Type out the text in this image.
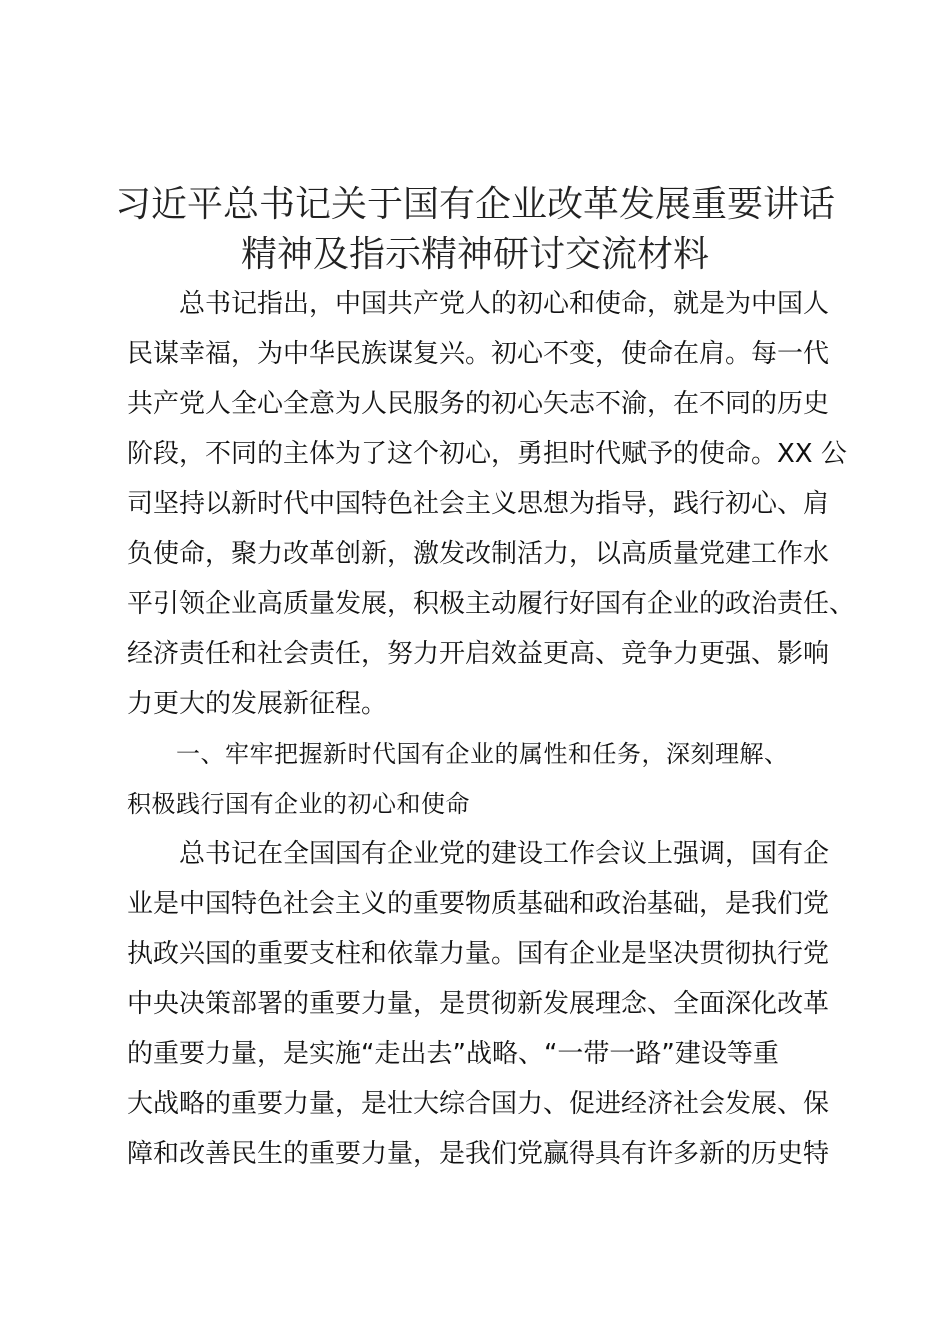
习近平总书记关于国有企业改革发展重要讲话
精神及指示精神研讨交流材料

　　总书记指出，中国共产党人的初心和使命，就是为中国人

民谋幸福，为中华民族谋复兴。初心不变，使命在肩。每一代

共产党人全心全意为人民服务的初心矢志不渝，在不同的历史

阶段，不同的主体为了这个初心，勇担时代赋予的使命。XX 公

司坚持以新时代中国特色社会主义思想为指导，践行初心、肩

负使命，聚力改革创新，激发改制活力，以高质量党建工作水

平引领企业高质量发展，积极主动履行好国有企业的政治责任、

经济责任和社会责任，努力开启效益更高、竞争力更强、影响

力更大的发展新征程。

　　一、牢牢把握新时代国有企业的属性和任务，深刻理解、

积极践行国有企业的初心和使命

　　总书记在全国国有企业党的建设工作会议上强调，国有企

业是中国特色社会主义的重要物质基础和政治基础，是我们党

执政兴国的重要支柱和依靠力量。国有企业是坚决贯彻执行党

中央决策部署的重要力量，是贯彻新发展理念、全面深化改革

的重要力量，是实施“走出去”战略、“一带一路”建设等重

大战略的重要力量，是壮大综合国力、促进经济社会发展、保

障和改善民生的重要力量，是我们党赢得具有许多新的历史特
